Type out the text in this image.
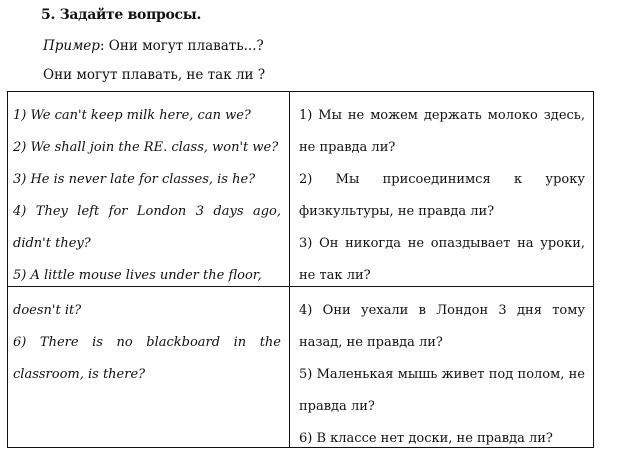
5. Задайте вопросы.
Пример: Они могут плавать...?
Они могут плавать, не так ли ?

1) We can't keep milk here, can we?

2) We shall join the RE. class, won't we?

3) He is never late for classes, is he?

4) They left for London 3 days ago, didn't they?

5) A little mouse lives under the floor,

doesn't it?

6) There is no blackboard in the classroom, is there?

1) Мы не можем держать молоко здесь, не правда ли?

2) Мы присоединимся к уроку физкультуры, не правда ли?

3) Он никогда не опаздывает на уроки, не так ли?

4) Они уехали в Лондон 3 дня тому назад, не правда ли?

5) Маленькая мышь живет под полом, не правда ли?

6) В классе нет доски, не правда ли?
